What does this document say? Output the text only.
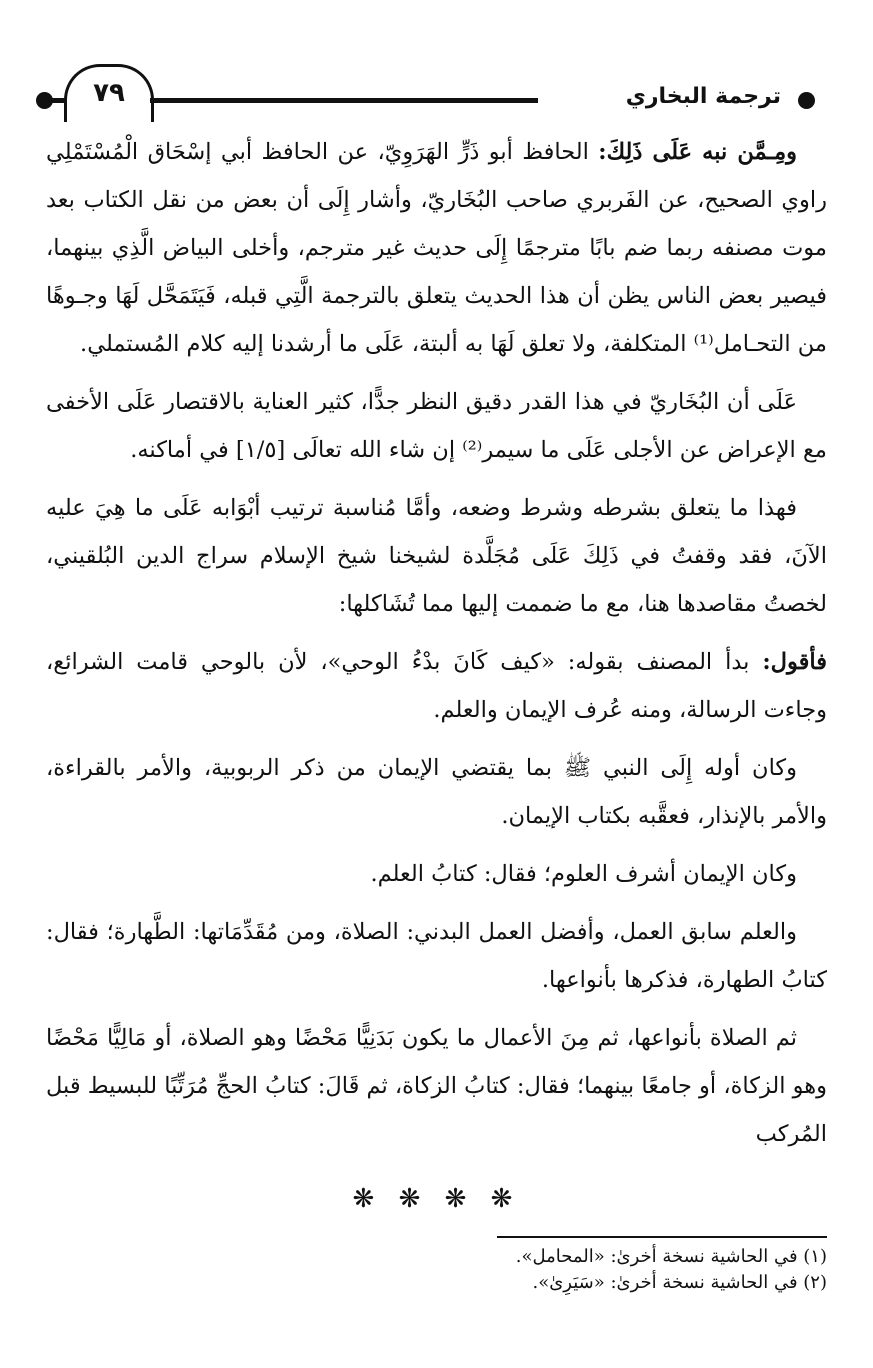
٧٩	ترجمة البخاري

ومِـمَّن نبه عَلَى ذَلِكَ: الحافظ أبو ذَرٍّ الهَرَوِيّ، عن الحافظ أبي إسْحَاق الْمُسْتَمْلِي راوي الصحيح، عن الفَربري صاحب البُخَاريّ، وأشار إِلَى أن بعض من نقل الكتاب بعد موت مصنفه ربما ضم بابًا مترجمًا إِلَى حديث غير مترجم، وأخلى البياض الَّذِي بينهما، فيصير بعض الناس يظن أن هذا الحديث يتعلق بالترجمة الَّتِي قبله، فَيَتَمَحَّل لَهَا وجـوهًا من التحـامل⁽¹⁾ المتكلفة، ولا تعلق لَهَا به ألبتة، عَلَى ما أرشدنا إليه كلام المُستملي.

عَلَى أن البُخَاريّ في هذا القدر دقيق النظر جدًّا، كثير العناية بالاقتصار عَلَى الأخفى مع الإعراض عن الأجلى عَلَى ما سيمر⁽²⁾ إن شاء الله تعالَى [١/٥] في أماكنه.

فهذا ما يتعلق بشرطه وشرط وضعه، وأمَّا مُناسبة ترتيب أبْوَابه عَلَى ما هِيَ عليه الآنَ، فقد وقفتُ في ذَلِكَ عَلَى مُجَلَّدة لشيخنا شيخ الإسلام سراج الدين البُلقيني، لخصتُ مقاصدها هنا، مع ما ضممت إليها مما تُشَاكلها:

فأقول: بدأ المصنف بقوله: «كيف كَانَ بدْءُ الوحي»، لأن بالوحي قامت الشرائع، وجاءت الرسالة، ومنه عُرف الإيمان والعلم.

وكان أوله إِلَى النبي ﷺ بما يقتضي الإيمان من ذكر الربوبية، والأمر بالقراءة، والأمر بالإنذار، فعقَّبه بكتاب الإيمان.

وكان الإيمان أشرف العلوم؛ فقال: كتابُ العلم.

والعلم سابق العمل، وأفضل العمل البدني: الصلاة، ومن مُقَدِّمَاتها: الطَّهارة؛ فقال: كتابُ الطهارة، فذكرها بأنواعها.

ثم الصلاة بأنواعها، ثم مِنَ الأعمال ما يكون بَدَنِيًّا مَحْضًا وهو الصلاة، أو مَالِيًّا مَحْضًا وهو الزكاة، أو جامعًا بينهما؛ فقال: كتابُ الزكاة، ثم قَالَ: كتابُ الحجِّ مُرَتِّبًا للبسيط قبل المُركب

❋ ❋ ❋ ❋
(١) في الحاشية نسخة أخرىٰ: «المحامل».
(٢) في الحاشية نسخة أخرىٰ: «سَيَرِىٰ».
